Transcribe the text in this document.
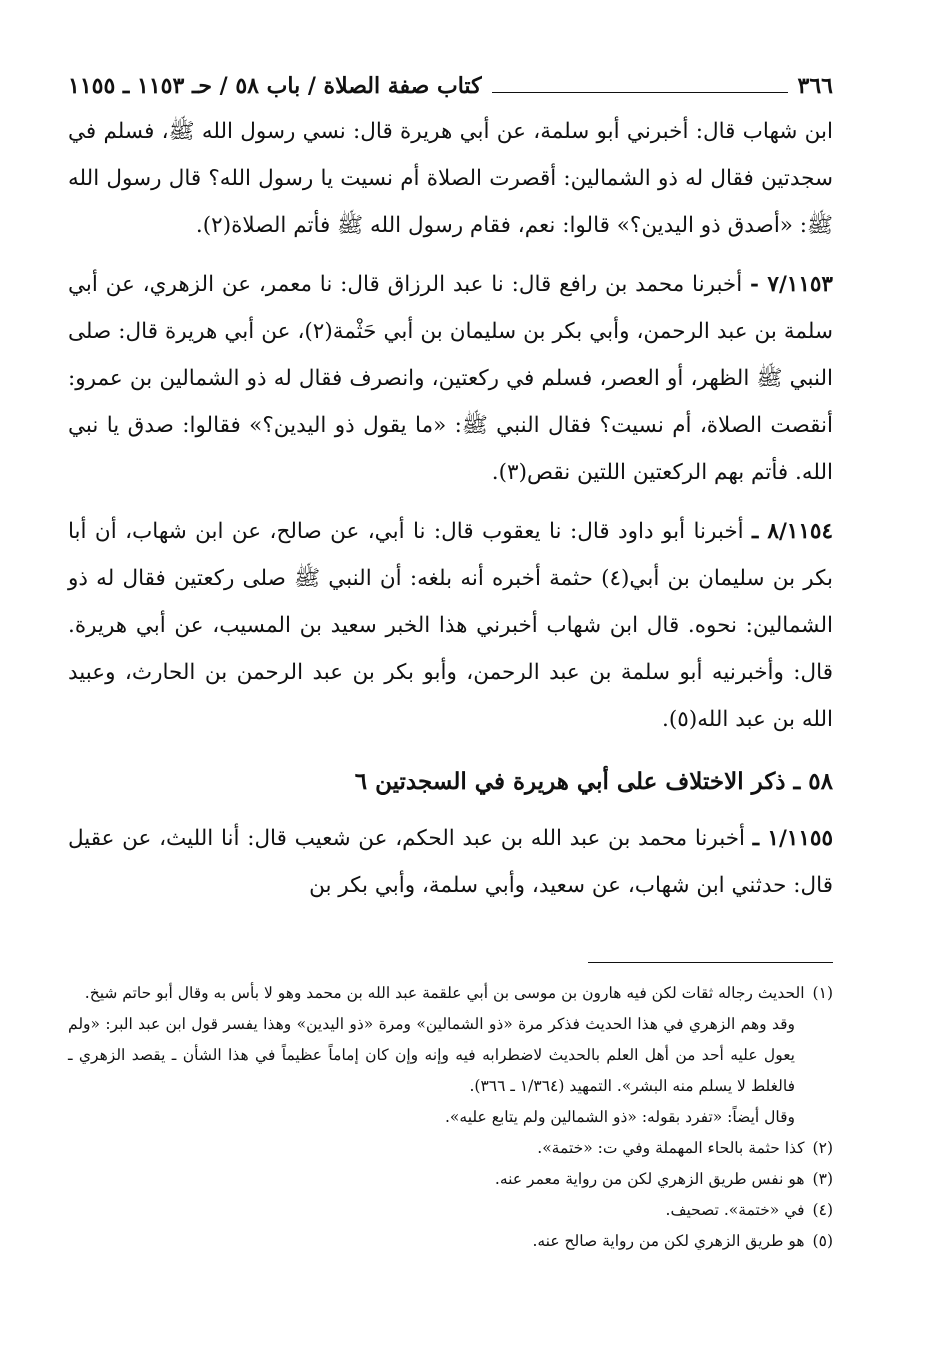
٣٦٦
كتاب صفة الصلاة / باب ٥٨ / حـ ١١٥٣ ـ ١١٥٥

ابن شهاب قال: أخبرني أبو سلمة، عن أبي هريرة قال: نسي رسول الله ﷺ، فسلم في سجدتين فقال له ذو الشمالين: أقصرت الصلاة أم نسيت يا رسول الله؟ قال رسول الله ﷺ: «أصدق ذو اليدين؟» قالوا: نعم، فقام رسول الله ﷺ فأتم الصلاة(٢).

٧/١١٥٣ - أخبرنا محمد بن رافع قال: نا عبد الرزاق قال: نا معمر، عن الزهري، عن أبي سلمة بن عبد الرحمن، وأبي بكر بن سليمان بن أبي حَثْمة(٢)، عن أبي هريرة قال: صلى النبي ﷺ الظهر، أو العصر، فسلم في ركعتين، وانصرف فقال له ذو الشمالين بن عمرو: أنقصت الصلاة، أم نسيت؟ فقال النبي ﷺ: «ما يقول ذو اليدين؟» فقالوا: صدق يا نبي الله. فأتم بهم الركعتين اللتين نقص(٣).

٨/١١٥٤ ـ أخبرنا أبو داود قال: نا يعقوب قال: نا أبي، عن صالح، عن ابن شهاب، أن أبا بكر بن سليمان بن أبي(٤) حثمة أخبره أنه بلغه: أن النبي ﷺ صلى ركعتين فقال له ذو الشمالين: نحوه. قال ابن شهاب أخبرني هذا الخبر سعيد بن المسيب، عن أبي هريرة. قال: وأخبرنيه أبو سلمة بن عبد الرحمن، وأبو بكر بن عبد الرحمن بن الحارث، وعبيد الله بن عبد الله(٥).

٥٨ ـ ذكر الاختلاف على أبي هريرة في السجدتين ٦

١/١١٥٥ ـ أخبرنا محمد بن عبد الله بن عبد الحكم، عن شعيب قال: أنا الليث، عن عقيل قال: حدثني ابن شهاب، عن سعيد، وأبي سلمة، وأبي بكر بن

(١)
الحديث رجاله ثقات لكن فيه هارون بن موسى بن أبي علقمة عبد الله بن محمد وهو لا بأس به وقال أبو حاتم شيخ.
وقد وهم الزهري في هذا الحديث فذكر مرة «ذو الشمالين» ومرة «ذو اليدين» وهذا يفسر قول ابن عبد البر: «ولم يعول عليه أحد من أهل العلم بالحديث لاضطرابه فيه وإنه وإن كان إماماً عظيماً في هذا الشأن ـ يقصد الزهري ـ فالغلط لا يسلم منه البشر». التمهيد (١/٣٦٤ ـ ٣٦٦).
وقال أيضاً: «تفرد بقوله: «ذو الشمالين ولم يتابع عليه».
(٢)
كذا حثمة بالحاء المهملة وفي ت: «ختمة».
(٣)
هو نفس طريق الزهري لكن من رواية معمر عنه.
(٤)
في «ختمة». تصحيف.
(٥)
هو طريق الزهري لكن من رواية صالح عنه.
